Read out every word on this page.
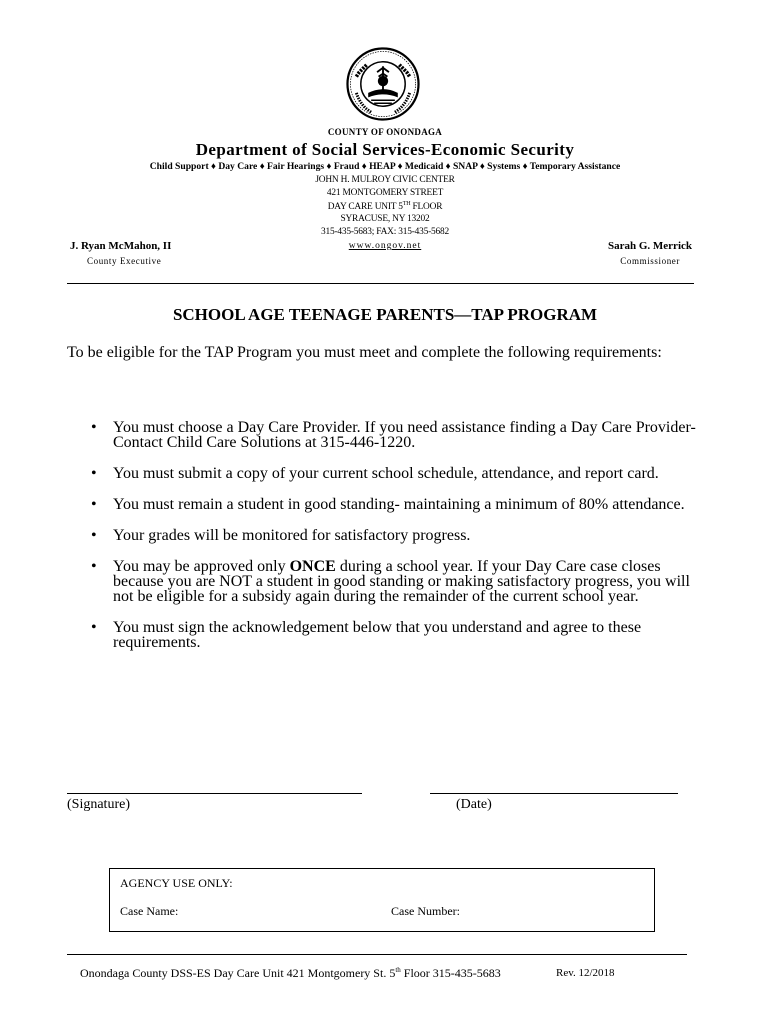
COUNTY OF ONONDAGA
Department of Social Services-Economic Security
Child Support ♦ Day Care ♦ Fair Hearings ♦ Fraud ♦ HEAP ♦ Medicaid ♦ SNAP ♦ Systems ♦ Temporary Assistance
JOHN H. MULROY CIVIC CENTER
421 MONTGOMERY STREET
DAY CARE UNIT 5TH FLOOR
SYRACUSE, NY 13202
315-435-5683; FAX: 315-435-5682
www.ongov.net
J. Ryan McMahon, II
County Executive
Sarah G. Merrick
Commissioner
SCHOOL AGE TEENAGE PARENTS—TAP PROGRAM
To be eligible for the TAP Program you must meet and complete the following requirements:
• You must choose a Day Care Provider. If you need assistance finding a Day Care Provider- Contact Child Care Solutions at 315-446-1220.
• You must submit a copy of your current school schedule, attendance, and report card.
• You must remain a student in good standing- maintaining a minimum of 80% attendance.
• Your grades will be monitored for satisfactory progress.
• You may be approved only ONCE during a school year. If your Day Care case closes because you are NOT a student in good standing or making satisfactory progress, you will not be eligible for a subsidy again during the remainder of the current school year.
• You must sign the acknowledgement below that you understand and agree to these requirements.
(Signature)	(Date)
AGENCY USE ONLY:
Case Name:	Case Number:
Onondaga County DSS-ES Day Care Unit 421 Montgomery St. 5th Floor 315-435-5683	Rev. 12/2018
